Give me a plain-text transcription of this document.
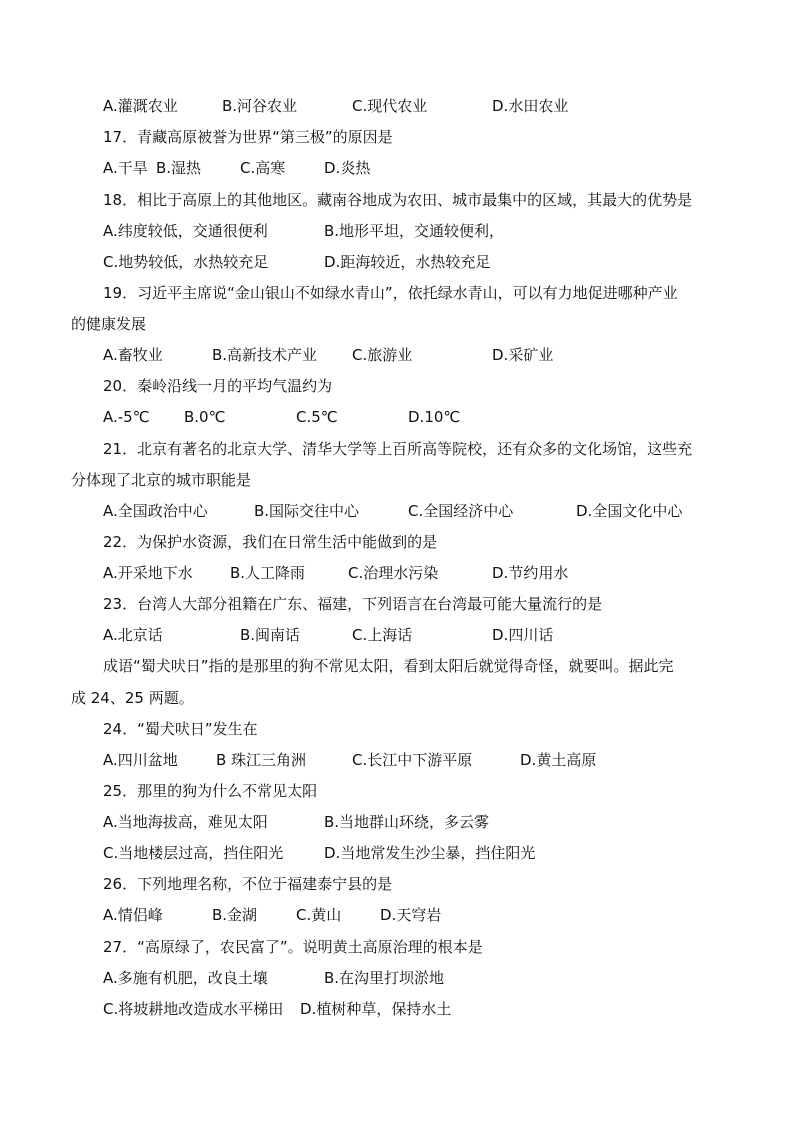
A.灌溉农业	B.河谷农业	C.现代农业	D.水田农业
17．青藏高原被誉为世界“第三极”的原因是
A.干旱 B.湿热	C.高寒	D.炎热
18．相比于高原上的其他地区。藏南谷地成为农田、城市最集中的区域，其最大的优势是
A.纬度较低，交通很便利	B.地形平坦，交通较便利，
C.地势较低，水热较充足	D.距海较近，水热较充足
19．习近平主席说“金山银山不如绿水青山”，依托绿水青山，可以有力地促进哪种产业
的健康发展
A.畜牧业	B.高新技术产业 C.旅游业	D.采矿业
20．秦岭沿线一月的平均气温约为
A.-5℃ B.0℃	C.5℃	D.10℃
21．北京有著名的北京大学、清华大学等上百所高等院校，还有众多的文化场馆，这些充
分体现了北京的城市职能是
A.全国政治中心	B.国际交往中心	C.全国经济中心	D.全国文化中心
22．为保护水资源，我们在日常生活中能做到的是
A.开采地下水 B.人工降雨	C.治理水污染	D.节约用水
23．台湾人大部分祖籍在广东、福建，下列语言在台湾最可能大量流行的是
A.北京话	B.闽南话	C.上海话	D.四川话
成语“蜀犬吠日”指的是那里的狗不常见太阳，看到太阳后就觉得奇怪，就要叫。据此完
成 24、25 两题。
24．“蜀犬吠日”发生在
A.四川盆地	B 珠江三角洲	C.长江中下游平原	D.黄土高原
25．那里的狗为什么不常见太阳
A.当地海拔高，难见太阳	B.当地群山环绕，多云雾
C.当地楼层过高，挡住阳光	D.当地常发生沙尘暴，挡住阳光
26．下列地理名称，不位于福建泰宁县的是
A.情侣峰	B.金湖	C.黄山	D.天穹岩
27．“高原绿了，农民富了”。说明黄土高原治理的根本是
A.多施有机肥，改良土壤	B.在沟里打坝淤地
C.将坡耕地改造成水平梯田 D.植树种草，保持水土
